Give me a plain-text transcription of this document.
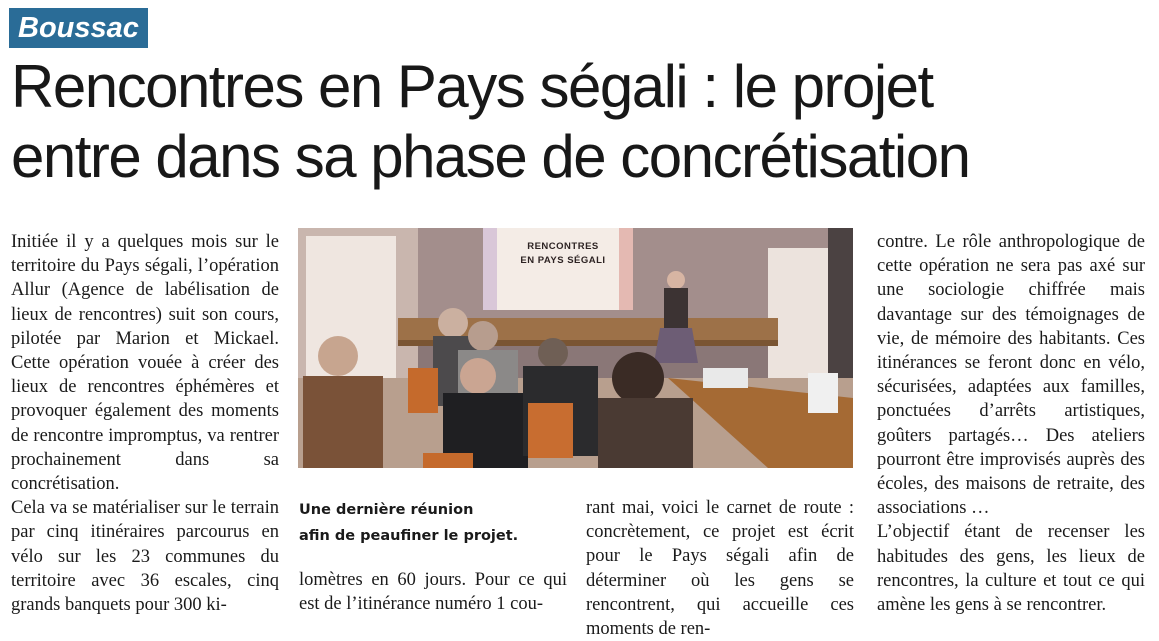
Boussac
Rencontres en Pays ségali : le projet
entre dans sa phase de concrétisation

Initiée il y a quelques mois sur le territoire du Pays ségali, l’opération Allur (Agence de labélisation de lieux de rencontres) suit son cours, pilotée par Marion et Mickael. Cette opération vouée à créer des lieux de rencontres éphémères et provoquer également des moments de rencontre impromptus, va rentrer prochainement dans sa concrétisation.

Cela va se matérialiser sur le terrain par cinq itinéraires parcourus en vélo sur les 23 communes du territoire avec 36 escales, cinq grands banquets pour 300 ki-

RENCONTRES
EN PAYS SÉGALI
Une dernière réunion
afin de peaufiner le projet.

lomètres en 60 jours. Pour ce qui est de l’itinérance numéro 1 cou-

rant mai, voici le carnet de route : concrètement, ce projet est écrit pour le Pays ségali afin de déterminer où les gens se rencontrent, qui accueille ces moments de ren-

contre. Le rôle anthropologique de cette opération ne sera pas axé sur une sociologie chiffrée mais davantage sur des témoignages de vie, de mémoire des habitants. Ces itinérances se feront donc en vélo, sécurisées, adaptées aux familles, ponctuées d’arrêts artistiques, goûters partagés… Des ateliers pourront être improvisés auprès des écoles, des maisons de retraite, des associations …

L’objectif étant de recenser les habitudes des gens, les lieux de rencontres, la culture et tout ce qui amène les gens à se rencontrer.
